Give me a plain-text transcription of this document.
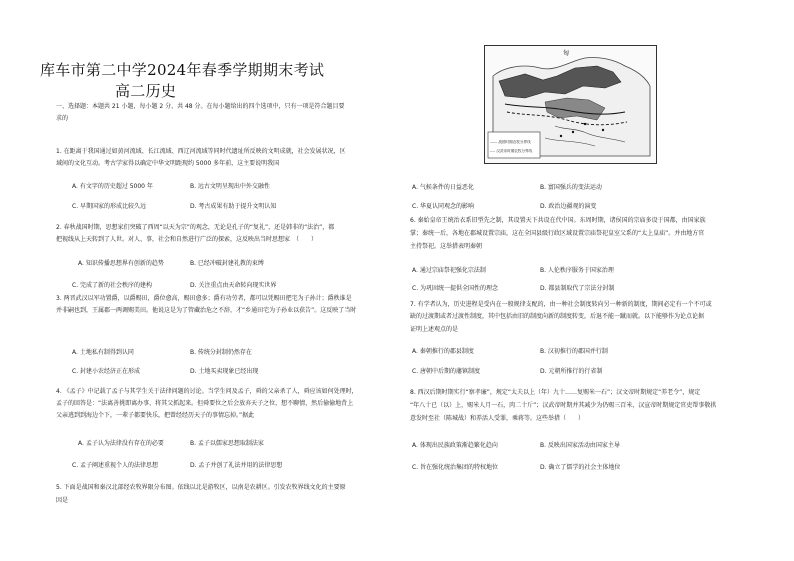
库车市第二中学2024年春季学期期末考试
高二历史
一、选择题：本题共 21 小题，每小题 2 分，共 48 分。在每小题给出的四个选项中，只有一项是符合题目要
求的
1. 在距离于我国通过如黄河流域、长江流域、西辽河流域等同时代遗址所反映的文明成就，社会发展状况，区
域间的文化互动。考古学家得以确定中华文明距现约 5000 多年前，这主要说明我国
2. 春秋战国时期，思想家们突破了西周“以天为宗”的观念，无论是孔子的“复礼”，还是韩非的“法治”，都
把视线从上天转到了人世。对人、事，社会和自然进行广泛的探索，这反映出当时思想家　（　　）
3. 两晋武汉以军功置爵，以爵赐田，爵位愈高，赐田愈多；爵有功劳者，都可以凭赐田把宅为子孙计；爵秩谁是
并非嗣也到，王属郡一两调赐美田。他说这是为了管藏治危之不辞，才“乡通田宅为子孙业以获告”。这反映了当时
4. 《孟子》中记载了孟子与其学生关于法律问题的讨论。当学生问及孟子，舜的父亲杀了人，舜应该如何处理时，
孟子的回答是：“法离善挑即离办事，将其父抓起来。但舜要位之后会放弃天子之位，想不聊情，然后偷偷地背上
父亲逃到到海边个下，一辈子都要快乐，把曾经经历天子的事情忘掉。”据此
5. 下面是战国和秦汉北部经农牧界限分布图。依线以北是游牧区，以南是农耕区。引发农牧界线文化的主要原
因是
A. 有文字的历史超过 5000 年	B. 远古文明呈现出中外交融性
C. 早期国家的形成比较久远	D. 考古成果有助于提升文明认知
A. 知识传播思想界有创新的趋势	B. 已经冲破封建礼教的束缚
C. 完成了新的社会秩序的建构	D. 关注重点由天命转向现实世界
A. 土地私有制得到认同	B. 传统分封制仍然存在
C. 封建小农经济正在形成	D. 土地买卖现象已经出现
A. 孟子认为法律没有存在的必要	B. 孟子以儒家思想取制法家
C. 孟子阐述重视个人的法律思想	D. 孟子并创了礼法并用的法律思想
6. 秦始皇帝王统治衣系旧型先之制，其设置天下共设在代中国。东周时期，诸侯国的宗庙多设于国都，由国家族
掌；秦统一后，各地在郡城设置宗庙，这在全国县级行政区域设置宗庙祭祀皇室父系的“太上皇庙”。并由地方官
主持祭祀。这举措表明秦朝
7. 有学者认为，历史进程是受内在一般规律支配的，由一种社会制度转向另一种新的制度，期间必定有一个不可或
缺的过渡期或者过渡性制度，其中包括由旧的制度向新的制度转变，后退不能一蹴而就。以下能够作为论点论据
证明上述观点的是
8. 西汉后期时期实行“察孝廉”，规定“太夫以上（年）九十……复赐米一石”；汉文帝时期规定“养老令”，规定
“年八十已（以）上，赐米人月一石，肉二十斤”；汉武帝时期并其减少为仍赐三百米，汉宣帝时期规定官吏帮事敬拱
意发时至社（陈城战）和养活人受罪，乘蒋等。这些举措（　　）
A. 气候条件的日益恶化	B. 富国强兵的变法运动
C. 华夏认同观念的影响	D. 政治边疆观的演变
A. 通过宗庙祭祀强化宗法制	B. 人伦秩序服务于国家治理
C. 为巩固统一提供全国性的理念	D. 都县制取代了宗法分封制
A. 秦朝推行的郡县制度	B. 汉初推行的郡国并行制
C. 唐朝中后期的藩镇制度	D. 元朝所推行的行省制
A. 体现出民族政策渐趋繁化趋向	B. 反映出国家活动由国家主导
C. 旨在强化统治集团的特权地位	D. 确立了儒学的社会主体地位
匈
—— 战国时期农牧分界线
---- 汉武帝时期农牧分界线
